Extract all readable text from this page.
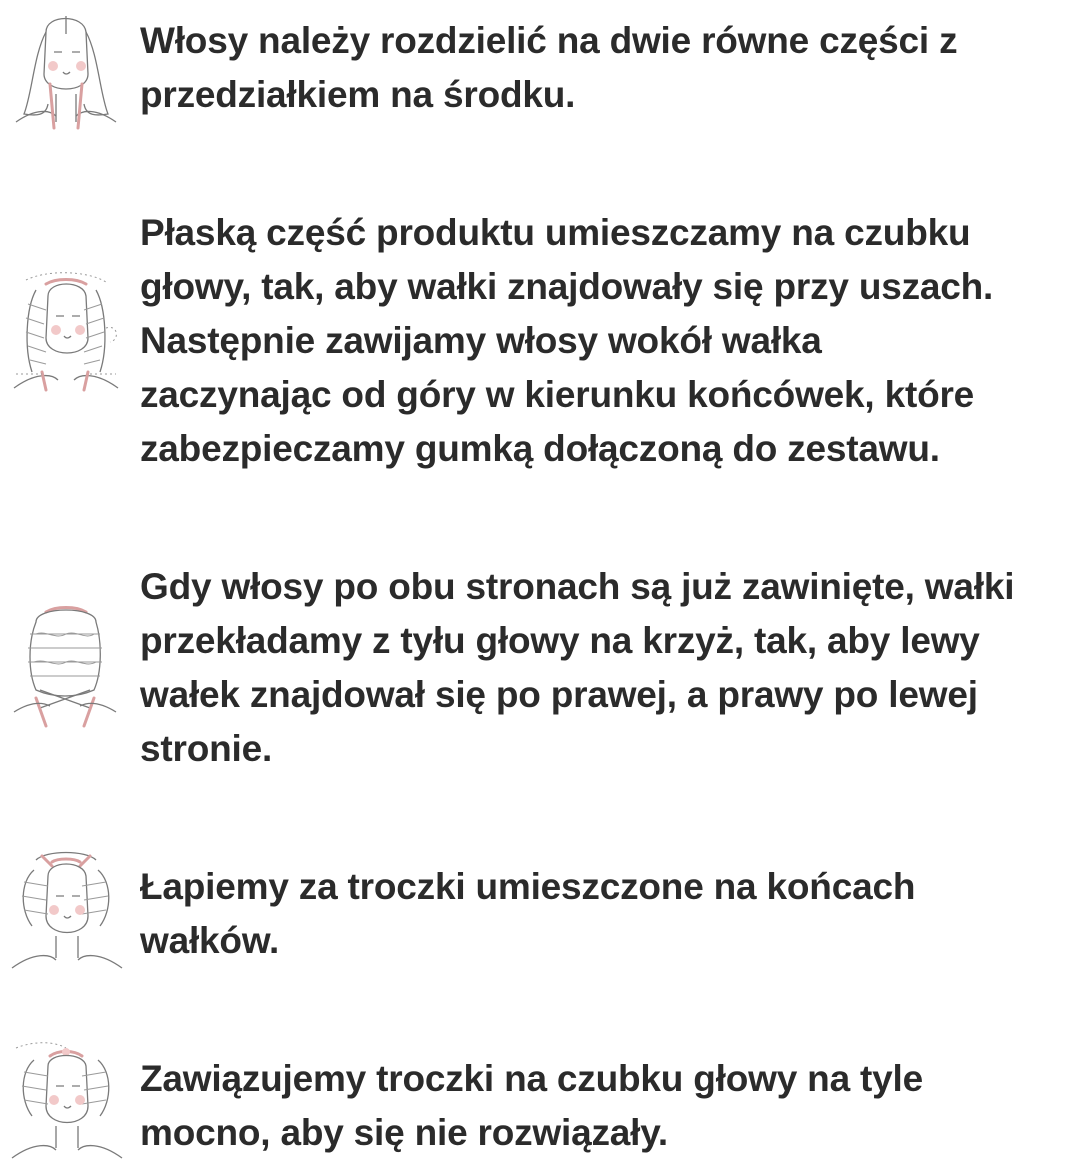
Włosy należy rozdzielić na dwie równe części z
przedziałkiem na środku.
Płaską część produktu umieszczamy na czubku
głowy, tak, aby wałki znajdowały się przy uszach.
Następnie zawijamy włosy wokół wałka
zaczynając od góry w kierunku końcówek, które
zabezpieczamy gumką dołączoną do zestawu.
Gdy włosy po obu stronach są już zawinięte, wałki
przekładamy z tyłu głowy na krzyż, tak, aby lewy
wałek znajdował się po prawej, a prawy po lewej
stronie.
Łapiemy za troczki umieszczone na końcach
wałków.
Zawiązujemy troczki na czubku głowy na tyle
mocno, aby się nie rozwiązały.
